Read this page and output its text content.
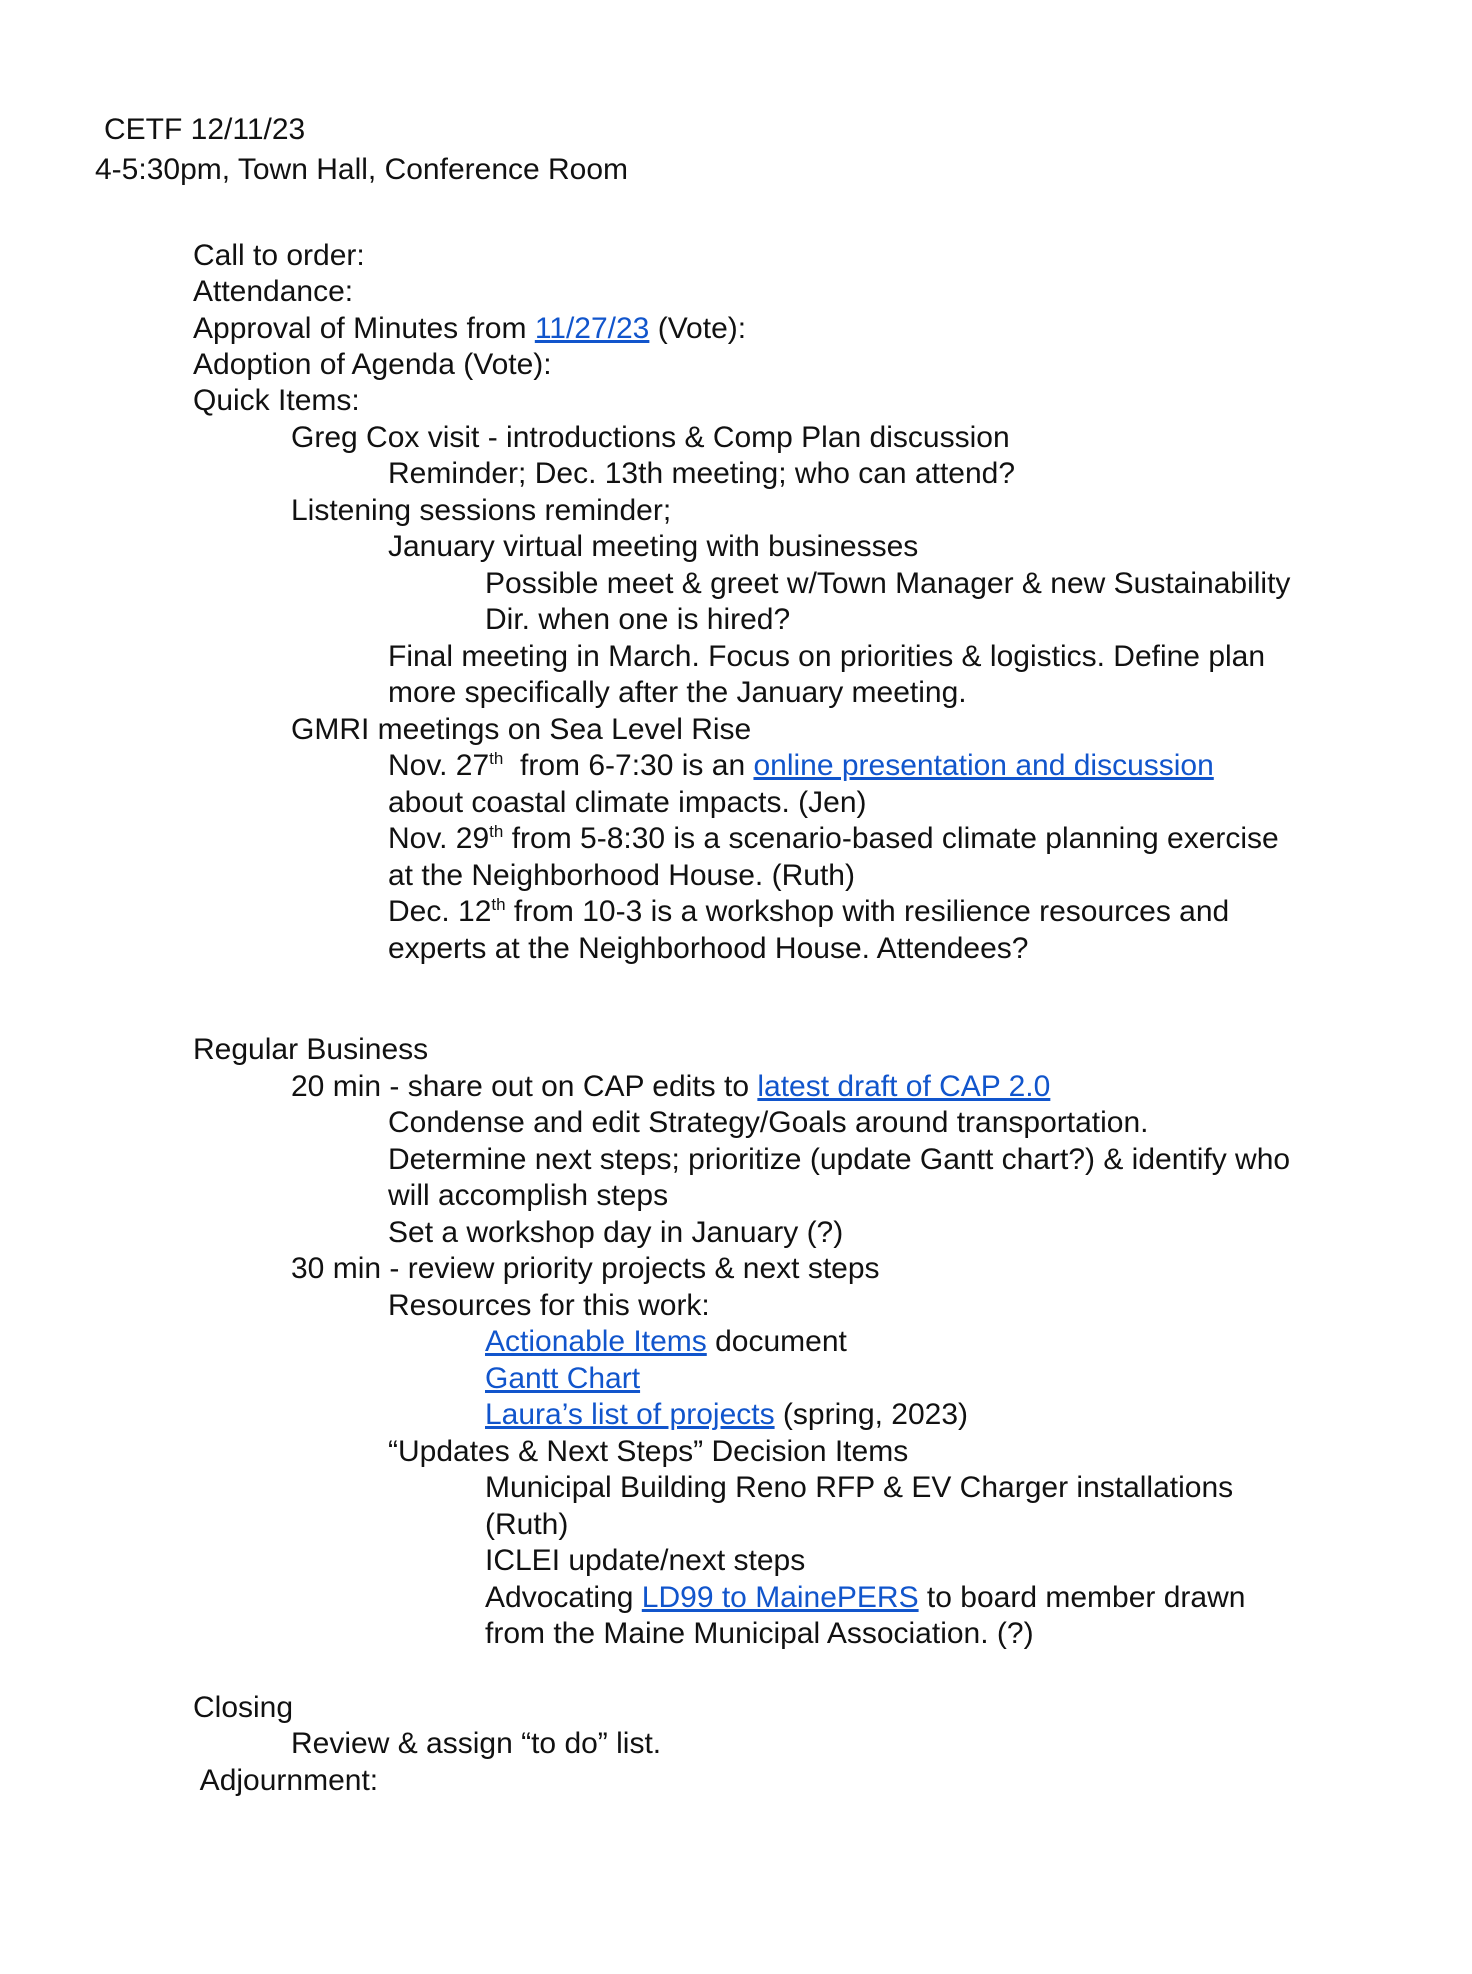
CETF 12/11/23
4-5:30pm, Town Hall, Conference Room
Call to order:
Attendance:
Approval of Minutes from 11/27/23 (Vote):
Adoption of Agenda (Vote):
Quick Items:
Greg Cox visit - introductions & Comp Plan discussion
Reminder; Dec. 13th meeting; who can attend?
Listening sessions reminder;
January virtual meeting with businesses
Possible meet & greet w/Town Manager & new Sustainability
Dir. when one is hired?
Final meeting in March. Focus on priorities & logistics. Define plan
more specifically after the January meeting.
GMRI meetings on Sea Level Rise
Nov. 27th  from 6-7:30 is an online presentation and discussion
about coastal climate impacts. (Jen)
Nov. 29th from 5-8:30 is a scenario-based climate planning exercise
at the Neighborhood House. (Ruth)
Dec. 12th from 10-3 is a workshop with resilience resources and
experts at the Neighborhood House. Attendees?
Regular Business
20 min - share out on CAP edits to latest draft of CAP 2.0
Condense and edit Strategy/Goals around transportation.
Determine next steps; prioritize (update Gantt chart?) & identify who
will accomplish steps
Set a workshop day in January (?)
30 min - review priority projects & next steps
Resources for this work:
Actionable Items document
Gantt Chart
Laura’s list of projects (spring, 2023)
“Updates & Next Steps” Decision Items
Municipal Building Reno RFP & EV Charger installations
(Ruth)
ICLEI update/next steps
Advocating LD99 to MainePERS to board member drawn
from the Maine Municipal Association. (?)
Closing
Review & assign “to do” list.
Adjournment:
